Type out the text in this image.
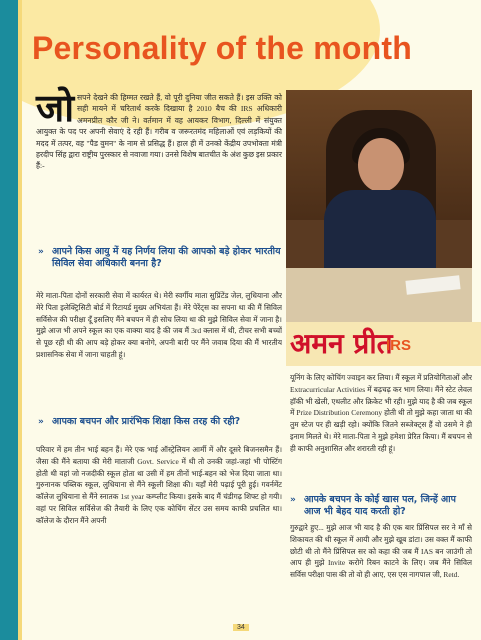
Personality of the month
जो सपने देखने की हिम्मत रखते हैं, वो पूरी दुनिया जीत सकते हैं। इस उक्ति को सही मायने में चरितार्थ करके दिखाया है 2010 बैच की IRS अधिकारी अमनप्रीत कौर जी ने। वर्तमान में वह आयकर विभाग, दिल्ली में संयुक्त आयुक्त के पद पर अपनी सेवाएं दे रही हैं। गरीब व जरूरतमंद महिलाओं एवं लड़कियों की मदद में तत्पर, वह "पैड वुमन" के नाम से प्रसिद्ध हैं। हाल ही में उनको केंद्रीय उपभोक्ता मंत्री हरदीप सिंह द्वारा राष्ट्रीय पुरस्कार से नवाजा गया। उनसे विशेष बातचीत के अंश कुछ इस प्रकार हैं:-
अमन प्रीत
IRS
» आपने किस आयु में यह निर्णय लिया की आपको बड़े होकर भारतीय सिविल सेवा अधिकारी बनना है?
मेरे माता-पिता दोनों सरकारी सेवा में कार्यरत थे। मेरी स्वर्गीय माता सुप्रिंटेंड जेल, लुधियाना और मेरे पिता इलेक्ट्रिसिटी बोर्ड में रिटायर्ड मुख्य अभियंता हैं। मेरे पेरेंट्स का सपना था की मैं सिविल सर्विसेज की परीक्षा दूँ इसलिए मैंने बचपन में ही सोच लिया था की मुझे सिविल सेवा में जाना है। मुझे आज भी अपने स्कूल का एक वाक्या याद है की जब मैं 3rd क्लास में थी, टीचर सभी बच्चों से पूछ रही थी की आप बड़े होकर क्या बनोगे, अपनी बारी पर मैंने जवाब दिया की मैं भारतीय प्रशासनिक सेवा में जाना चाहती हूं।
» आपका बचपन और प्रारंभिक शिक्षा किस तरह की रही?
परिवार में हम तीन भाई बहन हैं। मेरे एक भाई ऑस्ट्रेलियन आर्मी में और दूसरे बिजनसमैन हैं। जैसा की मैंने बताया की मेरी माताजी Govt. Service में थी तो उनकी जहां-जहां भी पोस्टिंग होती थी वहां जो नजदीकी स्कूल होता था उसी में हम तीनों भाई-बहन को भेज दिया जाता था। गुरुनानक पब्लिक स्कूल, लुधियाना से मैंने स्कूली शिक्षा की। यहाँ मेरी पढ़ाई पूरी हुई। गवर्नमेंट कॉलेज लुधियाना से मैंने स्नातक 1st year कम्प्लीट किया। इसके बाद मैं चंडीगढ़ शिफ्ट हो गयी। वहां पर सिविल सर्विसेज की तैयारी के लिए एक कोचिंग सेंटर उस समय काफी प्रचलित था। कॉलेज के दौरान मैंने अपनी
यूनिंग के लिए कोचिंग ज्वाइन कर लिया। मैं स्कूल में प्रतियोगिताओं और Extracurricular Activities में बढ़चढ़ कर भाग लिया। मैंने स्टेट लेवल हॉकी भी खेली, एथलीट और क्रिकेट भी रही। मुझे याद है की जब स्कूल में Prize Distribution Ceremony होती थी तो मुझे कहा जाता था की तुम स्टेज पर ही खड़ी रहो। क्योंकि जितने सब्जेक्ट्स हैं वो उसमे ने ही इनाम मिलते थे। मेरे माता-पिता ने मुझे हमेशा प्रेरित किया। मैं बचपन से ही काफी अनुशासित और शरारती रही हूं।
» आपके बचपन के कोई खास पल, जिन्हें आप आज भी बेहद याद करती हो?
गुरुद्वारे हुए... मुझे आज भी याद है की एक बार प्रिंसिपल सर ने माँ से शिकायत की थी स्कूल में आयी और मुझे खूब डांटा। उस वक्त मैं काफी छोटी थी तो मैंने प्रिंसिपल सर को कहा की जब मैं IAS बन जाउंगी तो आप ही मुझे Invite करोगे रिबन काटने के लिए। जब मैंने सिविल सर्विस परीक्षा पास की तो वो ही आए, एस एस नागपाल जी, Retd.
34
